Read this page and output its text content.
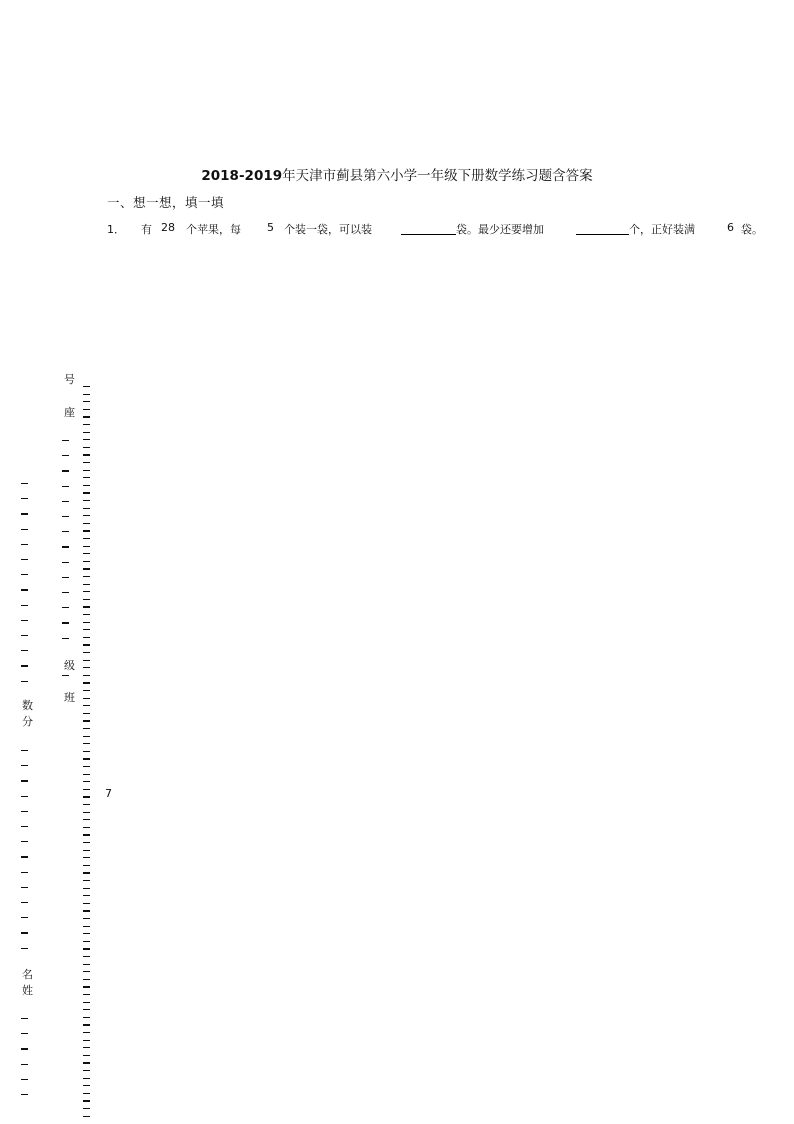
2018-2019年天津市蓟县第六小学一年级下册数学练习题含答案
一、想一想，填一填
1． 有 28 个苹果，每 5 个装一袋，可以装	袋。最少还要增加	个，正好装满	6 袋。
号
座
级
班
数
分
名
姓
7
